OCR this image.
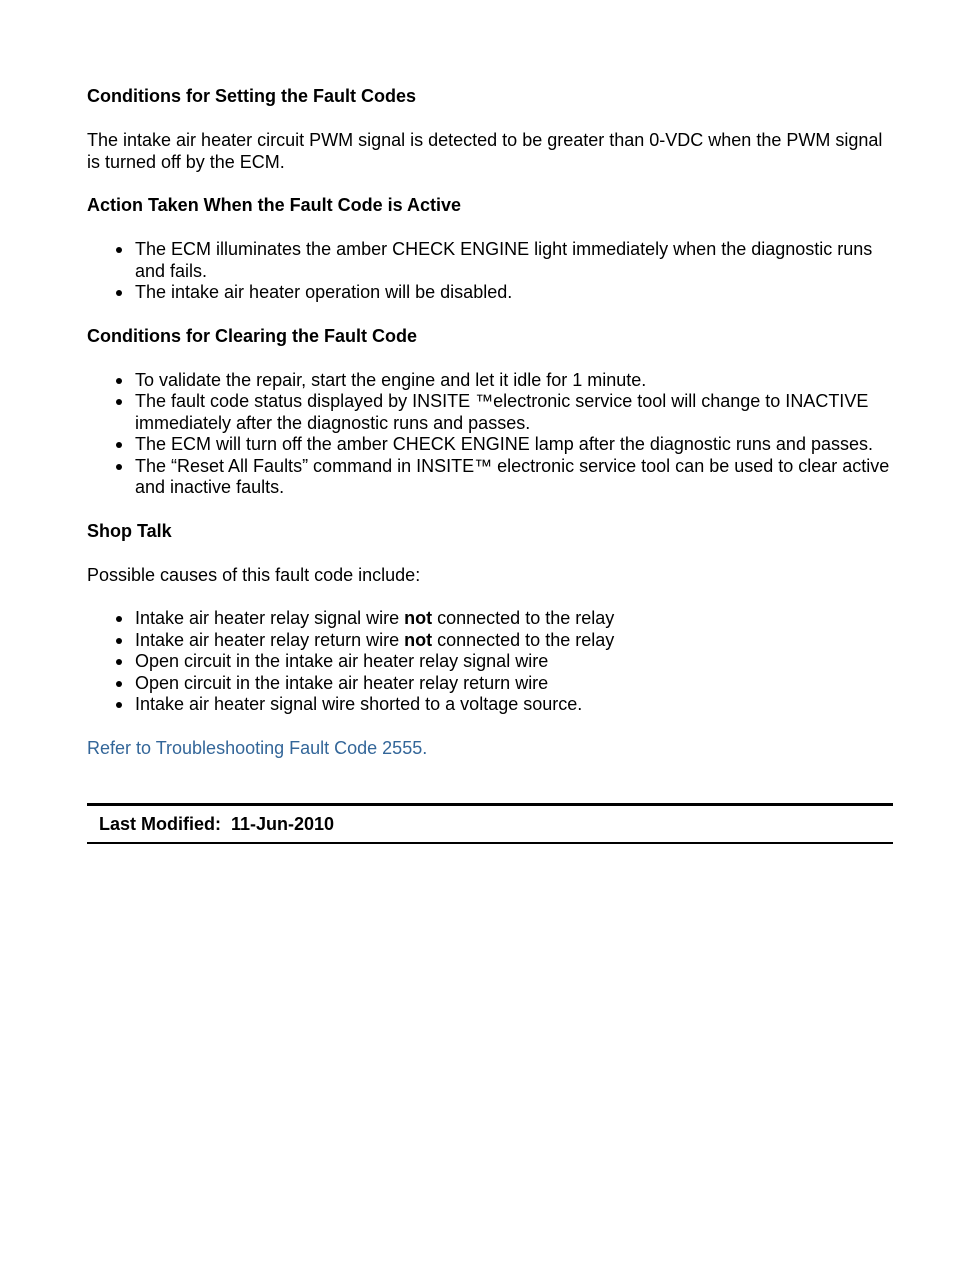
Conditions for Setting the Fault Codes

The intake air heater circuit PWM signal is detected to be greater than 0-VDC when the PWM signal is turned off by the ECM.

Action Taken When the Fault Code is Active

The ECM illuminates the amber CHECK ENGINE light immediately when the diagnostic runs and fails.
The intake air heater operation will be disabled.

Conditions for Clearing the Fault Code

To validate the repair, start the engine and let it idle for 1 minute.
The fault code status displayed by INSITE ™electronic service tool will change to INACTIVE immediately after the diagnostic runs and passes.
The ECM will turn off the amber CHECK ENGINE lamp after the diagnostic runs and passes.
The “Reset All Faults” command in INSITE™ electronic service tool can be used to clear active and inactive faults.

Shop Talk

Possible causes of this fault code include:

Intake air heater relay signal wire not connected to the relay
Intake air heater relay return wire not connected to the relay
Open circuit in the intake air heater relay signal wire
Open circuit in the intake air heater relay return wire
Intake air heater signal wire shorted to a voltage source.
Refer to Troubleshooting Fault Code 2555.
Last Modified:  11-Jun-2010
